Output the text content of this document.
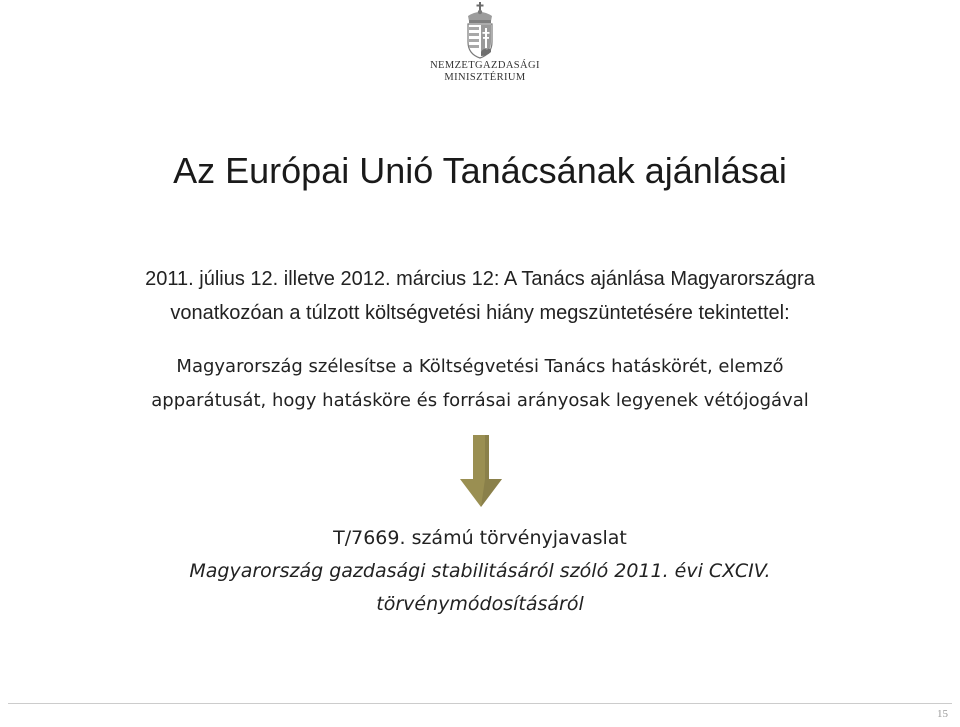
NEMZETGAZDASÁGI
MINISZTÉRIUM
Az Európai Unió Tanácsának ajánlásai
2011. július 12. illetve 2012. március 12: A Tanács ajánlása Magyarországra
vonatkozóan a túlzott költségvetési hiány megszüntetésére tekintettel:
Magyarország szélesítse a Költségvetési Tanács hatáskörét, elemző
apparátusát, hogy hatásköre és forrásai arányosak legyenek vétójogával
T/7669. számú törvényjavaslat
Magyarország gazdasági stabilitásáról szóló 2011. évi CXCIV.
törvénymódosításáról
15
